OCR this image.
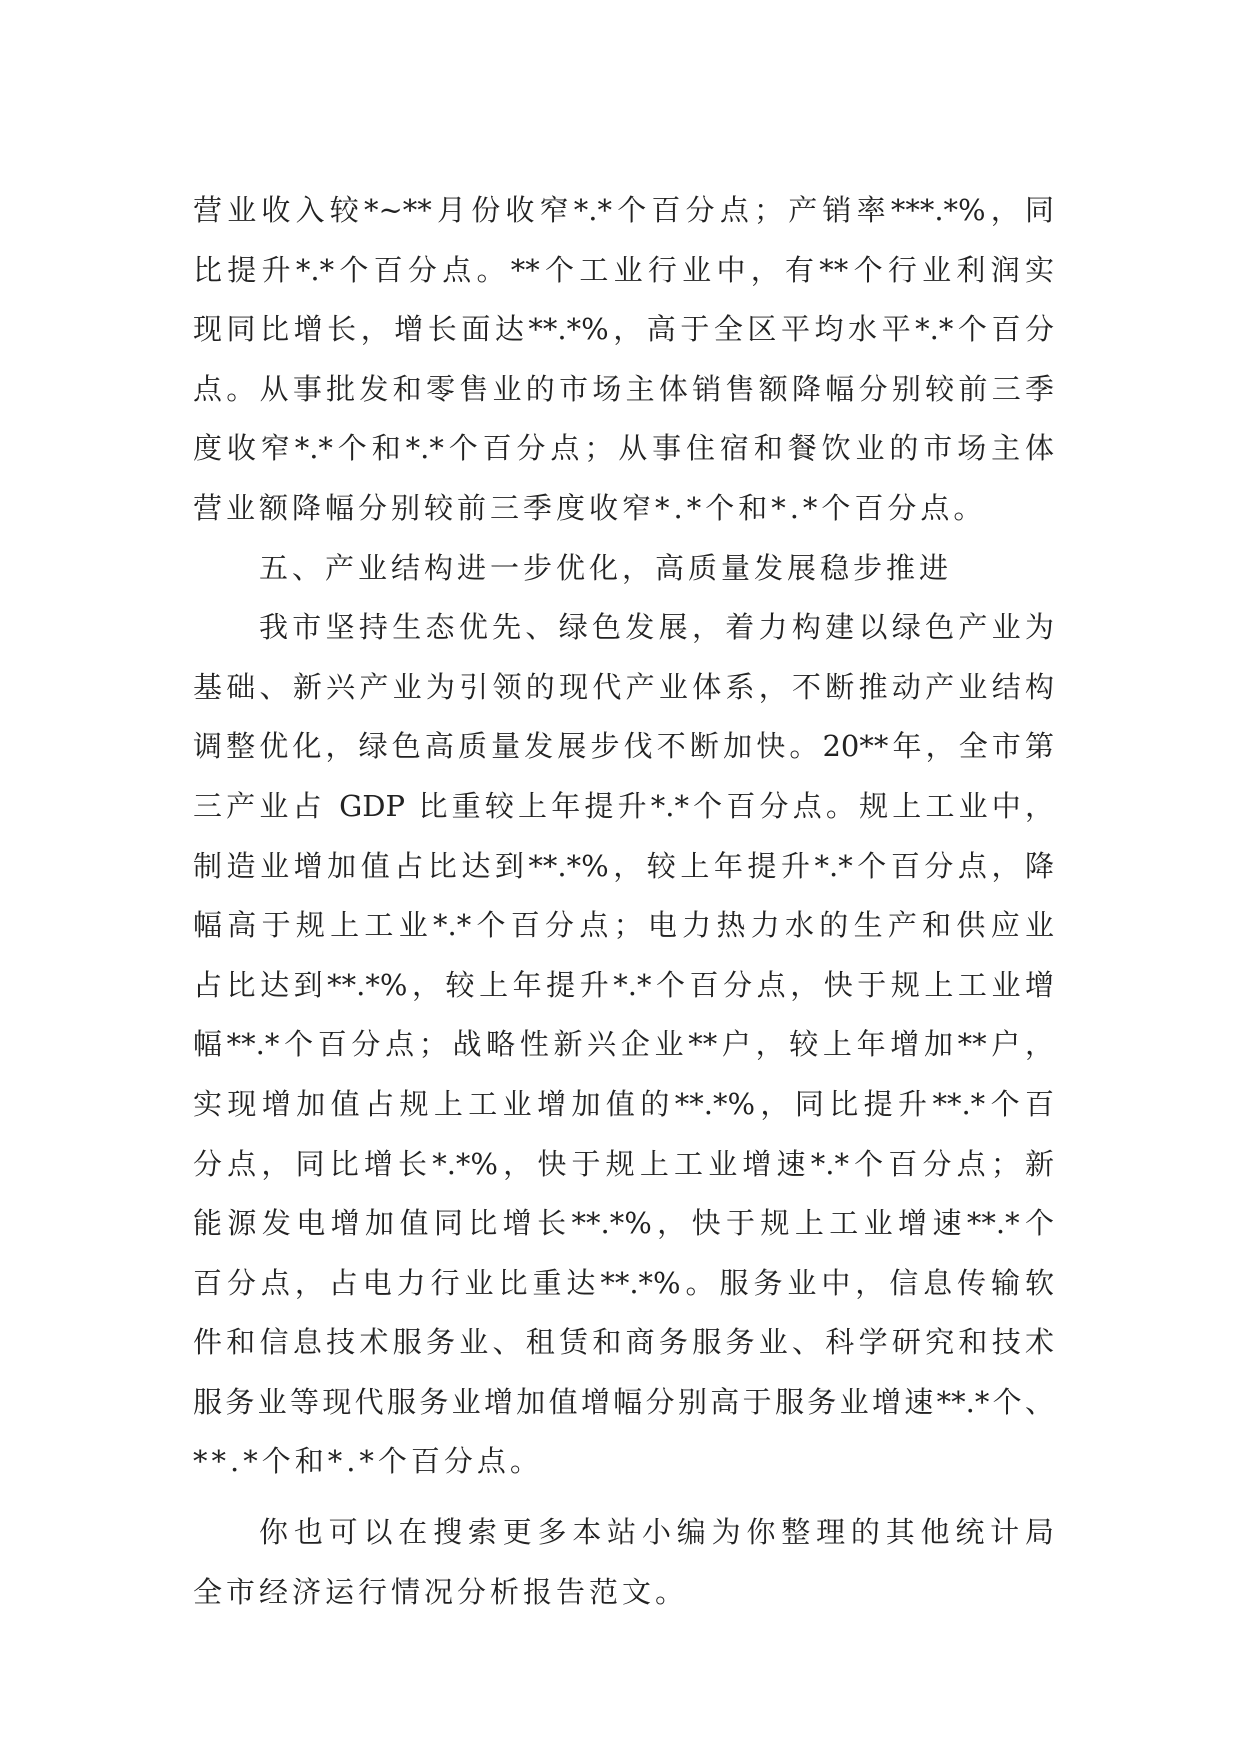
营业收入较*~**月份收窄*.*个百分点；产销率***.*%，同
比提升*.*个百分点。**个工业行业中，有**个行业利润实
现同比增长，增长面达**.*%，高于全区平均水平*.*个百分
点。从事批发和零售业的市场主体销售额降幅分别较前三季
度收窄*.*个和*.*个百分点；从事住宿和餐饮业的市场主体
营业额降幅分别较前三季度收窄*.*个和*.*个百分点。
五、产业结构进一步优化，高质量发展稳步推进
我市坚持生态优先、绿色发展，着力构建以绿色产业为
基础、新兴产业为引领的现代产业体系，不断推动产业结构
调整优化，绿色高质量发展步伐不断加快。20**年，全市第
三产业占 GDP 比重较上年提升*.*个百分点。规上工业中，
制造业增加值占比达到**.*%，较上年提升*.*个百分点，降
幅高于规上工业*.*个百分点；电力热力水的生产和供应业
占比达到**.*%，较上年提升*.*个百分点，快于规上工业增
幅**.*个百分点；战略性新兴企业**户，较上年增加**户，
实现增加值占规上工业增加值的**.*%，同比提升**.*个百
分点，同比增长*.*%，快于规上工业增速*.*个百分点；新
能源发电增加值同比增长**.*%，快于规上工业增速**.*个
百分点，占电力行业比重达**.*%。服务业中，信息传输软
件和信息技术服务业、租赁和商务服务业、科学研究和技术
服务业等现代服务业增加值增幅分别高于服务业增速**.*个、
**.*个和*.*个百分点。
你也可以在搜索更多本站小编为你整理的其他统计局
全市经济运行情况分析报告范文。
